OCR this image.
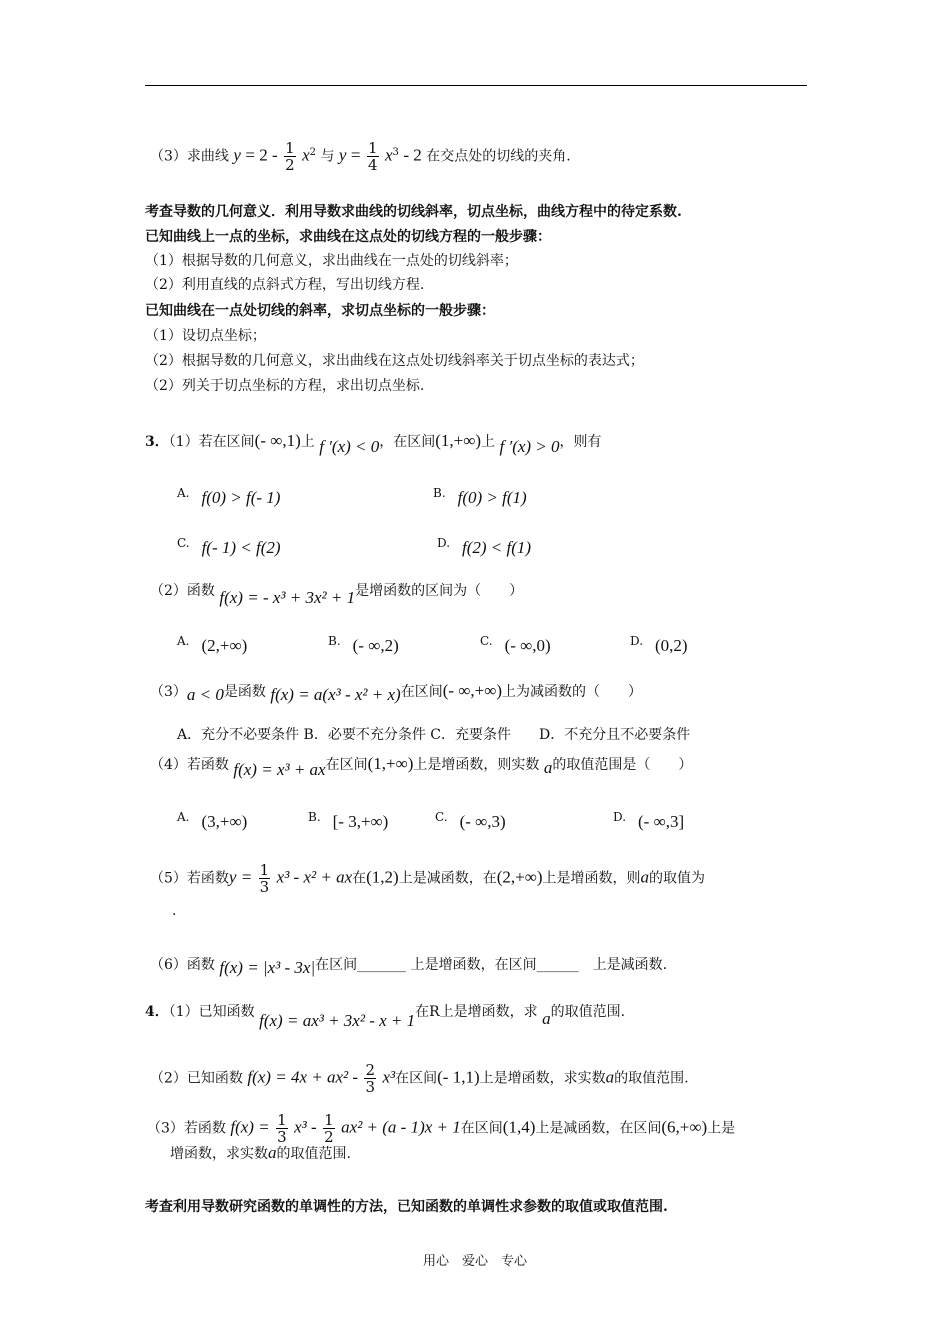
（3）求曲线 $y = 2 - \frac{1}{2} x^2$ 与 $y = \frac{1}{4} x^3 - 2$ 在交点处的切线的夹角.
考查导数的几何意义．利用导数求曲线的切线斜率，切点坐标，曲线方程中的待定系数.
已知曲线上一点的坐标，求曲线在这点处的切线方程的一般步骤：
（1）根据导数的几何意义，求出曲线在一点处的切线斜率；
（2）利用直线的点斜式方程，写出切线方程.
已知曲线在一点处切线的斜率，求切点坐标的一般步骤：
（1）设切点坐标；
（2）根据导数的几何意义，求出曲线在这点处切线斜率关于切点坐标的表达式；
（2）列关于切点坐标的方程，求出切点坐标.
3．（1）若在区间(- ∞,1)上 f ′(x) < 0，在区间(1,+∞)上 f ′(x) > 0，则有
A. f(0) > f(- 1)	B. f(0) > f(1)
C. f(- 1) < f(2)	D. f(2) < f(1)
（2）函数 f(x) = - x³ + 3x² + 1是增函数的区间为（　　）
A. (2,+∞)	B. (- ∞,2)	C. (- ∞,0)	D. (0,2)
（3）a < 0是函数 f(x) = a(x³ - x² + x)在区间(- ∞,+∞)上为减函数的（　　）
A．充分不必要条件 B．必要不充分条件 C．充要条件　　D．不充分且不必要条件
（4）若函数 f(x) = x³ + ax在区间(1,+∞)上是增函数，则实数 a的取值范围是（　　）
A. (3,+∞)	B. [- 3,+∞)	C. (- ∞,3)	D. (- ∞,3]
（5）若函数$y = \frac{1}{3} x^3 - x^2$ + ax在(1,2)上是减函数，在(2,+∞)上是增函数，则a的取值为
.
（6）函数 f(x) = |x³ - 3x|在区间_______ 上是增函数，在区间______　上是减函数.
4．（1）已知函数 f(x) = ax³ + 3x² - x + 1在R上是增函数，求 a的取值范围.
（2）已知函数 $f(x) = 4x + ax^2 - \frac{2}{3} x^3$在区间(- 1,1)上是增函数，求实数a的取值范围.
（3）若函数 $f(x) = \frac{1}{3} x^3 - \frac{1}{2} ax^2 + (a - 1)x + 1$在区间(1,4)上是减函数，在区间(6,+∞)上是
增函数，求实数a的取值范围.
考查利用导数研究函数的单调性的方法，已知函数的单调性求参数的取值或取值范围.
用心　爱心　专心
